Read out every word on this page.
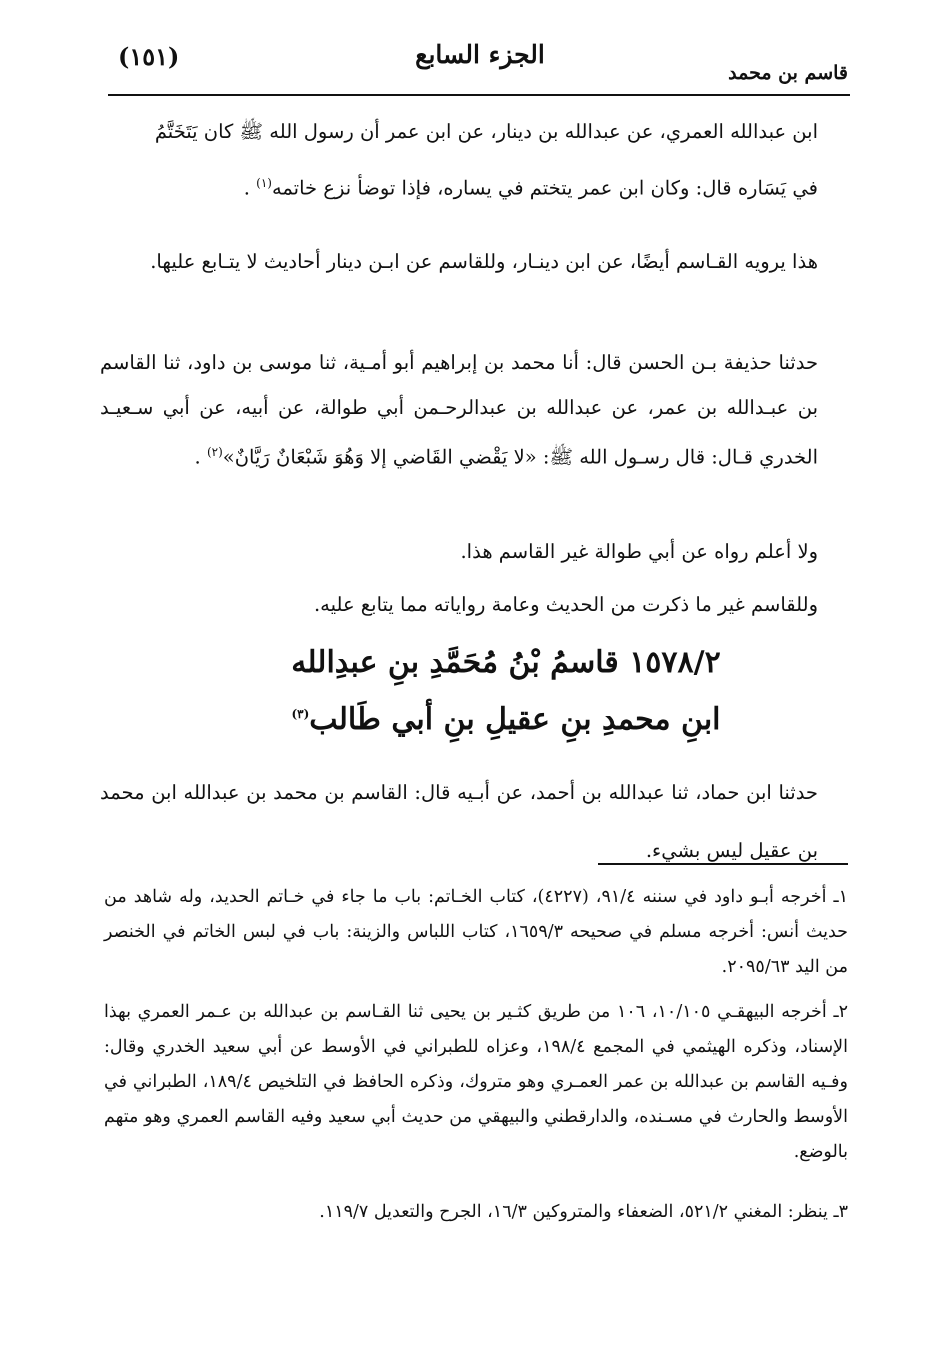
(١٥١)	الجزء السابع
قاسم بن محمد
ابن عبدالله العمري، عن عبدالله بن دينار، عن ابن عمر أن رسول الله ﷺ كان يَتَخَتَّمُ
في يَسَاره قال: وكان ابن عمر يتختم في يساره، فإذا توضأ نزع خاتمه$^{(١)}$ .
هذا يرويه القـاسم أيضًا، عن ابن دينـار، وللقاسم عن ابـن دينار أحاديث لا يتـابع عليها.
حدثنا حذيفة بـن الحسن قال: أنا محمد بن إبراهيم أبو أمـية، ثنا موسى بن داود، ثنا القاسم بن عبـدالله بن عمر، عن عبدالله بن عبدالرحـمن أبي طوالة، عن أبيه، عن أبي سـعيـد الخدري قـال: قال رسـول الله ﷺ: «لا يَقْضي القَاضي إلا وَهُوَ شَبْعَانٌ رَيَّانٌ»$^{(٢)}$ .
ولا أعلم رواه عن أبي طوالة غير القاسم هذا.
وللقاسم غير ما ذكرت من الحديث وعامة رواياته مما يتابع عليه.
١٥٧٨/٢ قاسمُ بْنُ مُحَمَّدِ بنِ عبدِالله
ابنِ محمدِ بنِ عقيلِ بنِ أبي طَالب$^{(٣)}$
حدثنا ابن حماد، ثنا عبدالله بن أحمد، عن أبـيه قال: القاسم بن محمد بن عبدالله ابن محمد بن عقيل ليس بشيء.
١ـ أخرجه أبـو داود في سننه ٩١/٤، (٤٢٢٧)، كتاب الخـاتم: باب ما جاء في خـاتم الحديد، وله شاهد من حديث أنس: أخرجه مسلم في صحيحه ١٦٥٩/٣، كتاب اللباس والزينة: باب في لبس الخاتم في الخنصر من اليد ٢٠٩٥/٦٣.
٢ـ أخرجه البيهقـي ١٠/١٠٥، ١٠٦ من طريق كثـير بن يحيى ثنا القـاسم بن عبدالله بن عـمر العمري بهذا الإسناد، وذكره الهيثمي في المجمع ١٩٨/٤، وعزاه للطبراني في الأوسط عن أبي سعيد الخدري وقال: وفـيه القاسم بن عبدالله بن عمر العمـري وهو متروك، وذكره الحافظ في التلخيص ١٨٩/٤، الطبراني في الأوسط والحارث في مسـنده، والدارقطني والبيهقي من حديث أبي سعيد وفيه القاسم العمري وهو متهم بالوضع.
٣ـ ينظر: المغني ٥٢١/٢، الضعفاء والمتروكين ١٦/٣، الجرح والتعديل ١١٩/٧.
